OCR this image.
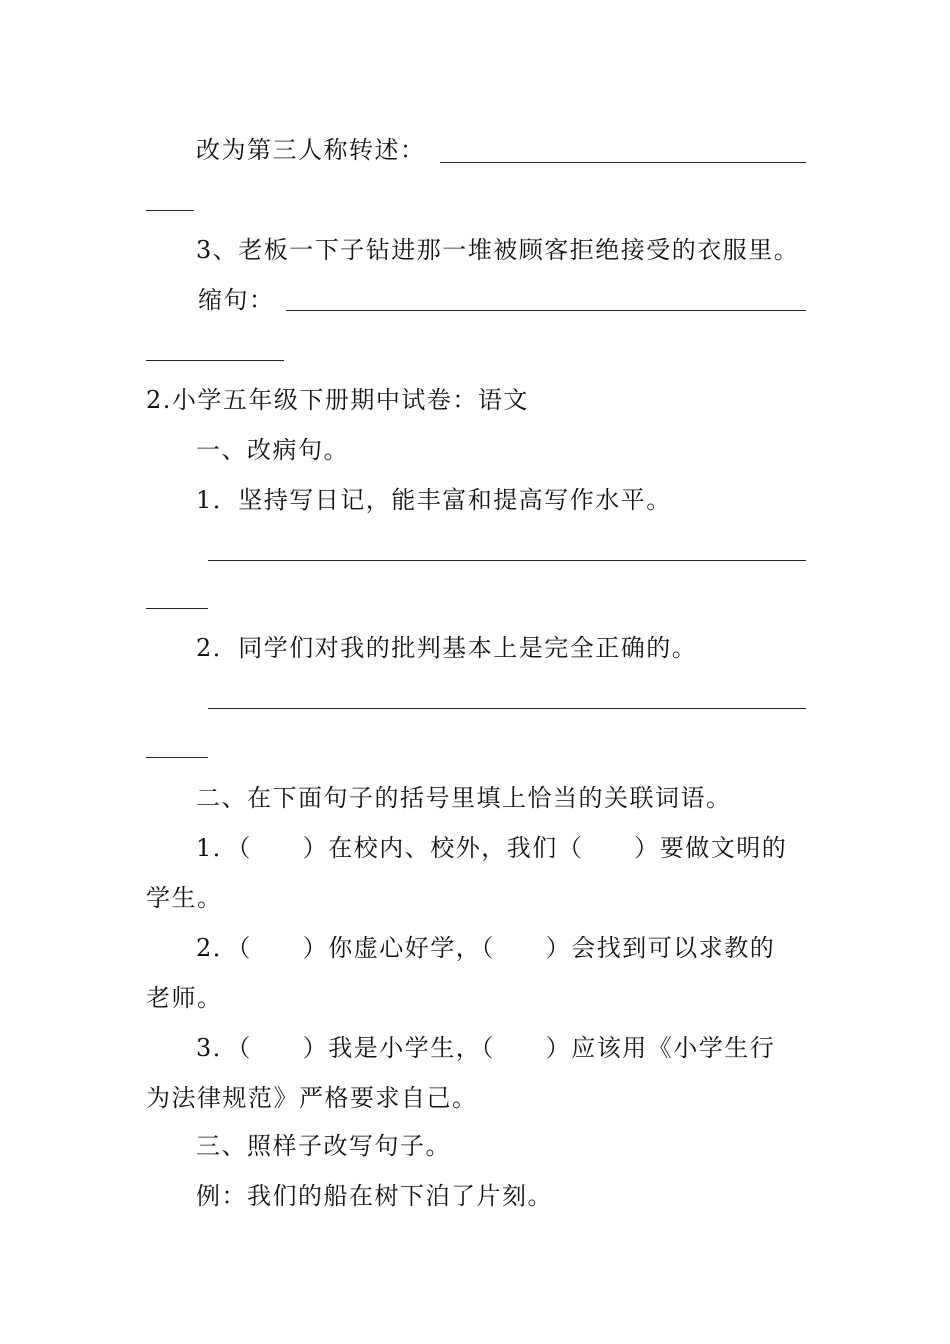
改为第三人称转述：
3、老板一下子钻进那一堆被顾客拒绝接受的衣服里。
缩句：
2.小学五年级下册期中试卷：语文
一、改病句。
1．坚持写日记，能丰富和提高写作水平。
2．同学们对我的批判基本上是完全正确的。
二、在下面句子的括号里填上恰当的关联词语。
1．（　　）在校内、校外，我们（　　）要做文明的
学生。
2．（　　）你虚心好学，（　　）会找到可以求教的
老师。
3．（　　）我是小学生，（　　）应该用《小学生行
为法律规范》严格要求自己。
三、照样子改写句子。
例：我们的船在树下泊了片刻。
